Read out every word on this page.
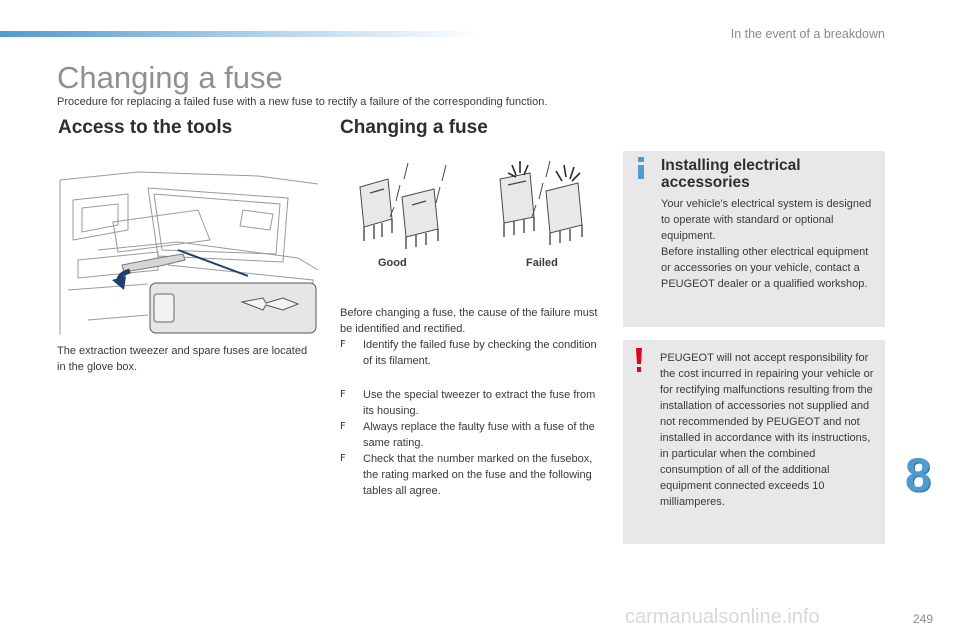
In the event of a breakdown
Changing a fuse
Procedure for replacing a failed fuse with a new fuse to rectify a failure of the corresponding function.
Access to the tools	Changing a fuse
Good	Failed
The extraction tweezer and spare fuses are located in the glove box.
Before changing a fuse, the cause of the failure must be identified and rectified.
F Identify the failed fuse by checking the condition of its filament.
F Use the special tweezer to extract the fuse from its housing.
F Always replace the faulty fuse with a fuse of the same rating.
F Check that the number marked on the fusebox, the rating marked on the fuse and the following tables all agree.
Installing electrical accessories
Your vehicle's electrical system is designed to operate with standard or optional equipment.
Before installing other electrical equipment or accessories on your vehicle, contact a PEUGEOT dealer or a qualified workshop.
PEUGEOT will not accept responsibility for the cost incurred in repairing your vehicle or for rectifying malfunctions resulting from the installation of accessories not supplied and not recommended by PEUGEOT and not installed in accordance with its instructions, in particular when the combined consumption of all of the additional equipment connected exceeds 10 milliamperes.
8
carmanualsonline.info	249
